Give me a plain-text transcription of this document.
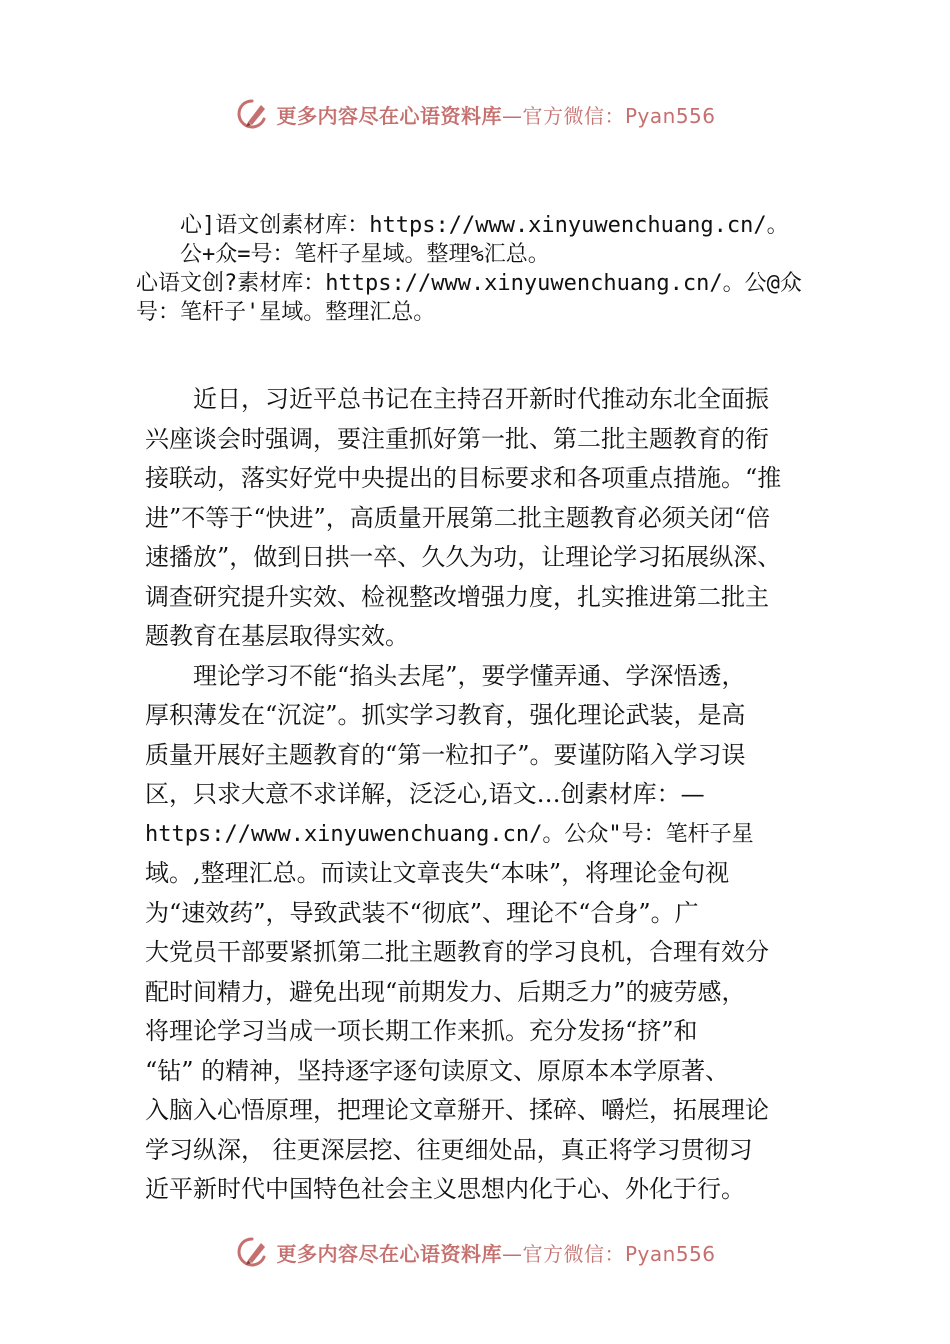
更多内容尽在心语资料库—官方微信：Pyan556
心]语文创素材库：https://www.xinyuwenchuang.cn/。
公+众=号：笔杆子星域。整理%汇总。
心语文创?素材库：https://www.xinyuwenchuang.cn/。公@众
号：笔杆子'星域。整理汇总。
　　近日，习近平总书记在主持召开新时代推动东北全面振
兴座谈会时强调，要注重抓好第一批、第二批主题教育的衔
接联动，落实好党中央提出的目标要求和各项重点措施。“推
进”不等于“快进”，高质量开展第二批主题教育必须关闭“倍
速播放”，做到日拱一卒、久久为功，让理论学习拓展纵深、
调查研究提升实效、检视整改增强力度，扎实推进第二批主
题教育在基层取得实效。
　　理论学习不能“掐头去尾”，要学懂弄通、学深悟透，
厚积薄发在“沉淀”。抓实学习教育，强化理论武装，是高
质量开展好主题教育的“第一粒扣子”。要谨防陷入学习误
区，只求大意不求详解，泛泛心,语文…创素材库：—
https://www.xinyuwenchuang.cn/。公众"号：笔杆子星
域。,整理汇总。而读让文章丧失“本味”，将理论金句视
为“速效药”，导致武装不“彻底”、理论不“合身”。广
大党员干部要紧抓第二批主题教育的学习良机，合理有效分
配时间精力，避免出现“前期发力、后期乏力”的疲劳感，
将理论学习当成一项长期工作来抓。充分发扬“挤”和
“钻” 的精神，坚持逐字逐句读原文、原原本本学原著、
入脑入心悟原理，把理论文章掰开、揉碎、嚼烂，拓展理论
学习纵深， 往更深层挖、往更细处品，真正将学习贯彻习
近平新时代中国特色社会主义思想内化于心、外化于行。
更多内容尽在心语资料库—官方微信：Pyan556
